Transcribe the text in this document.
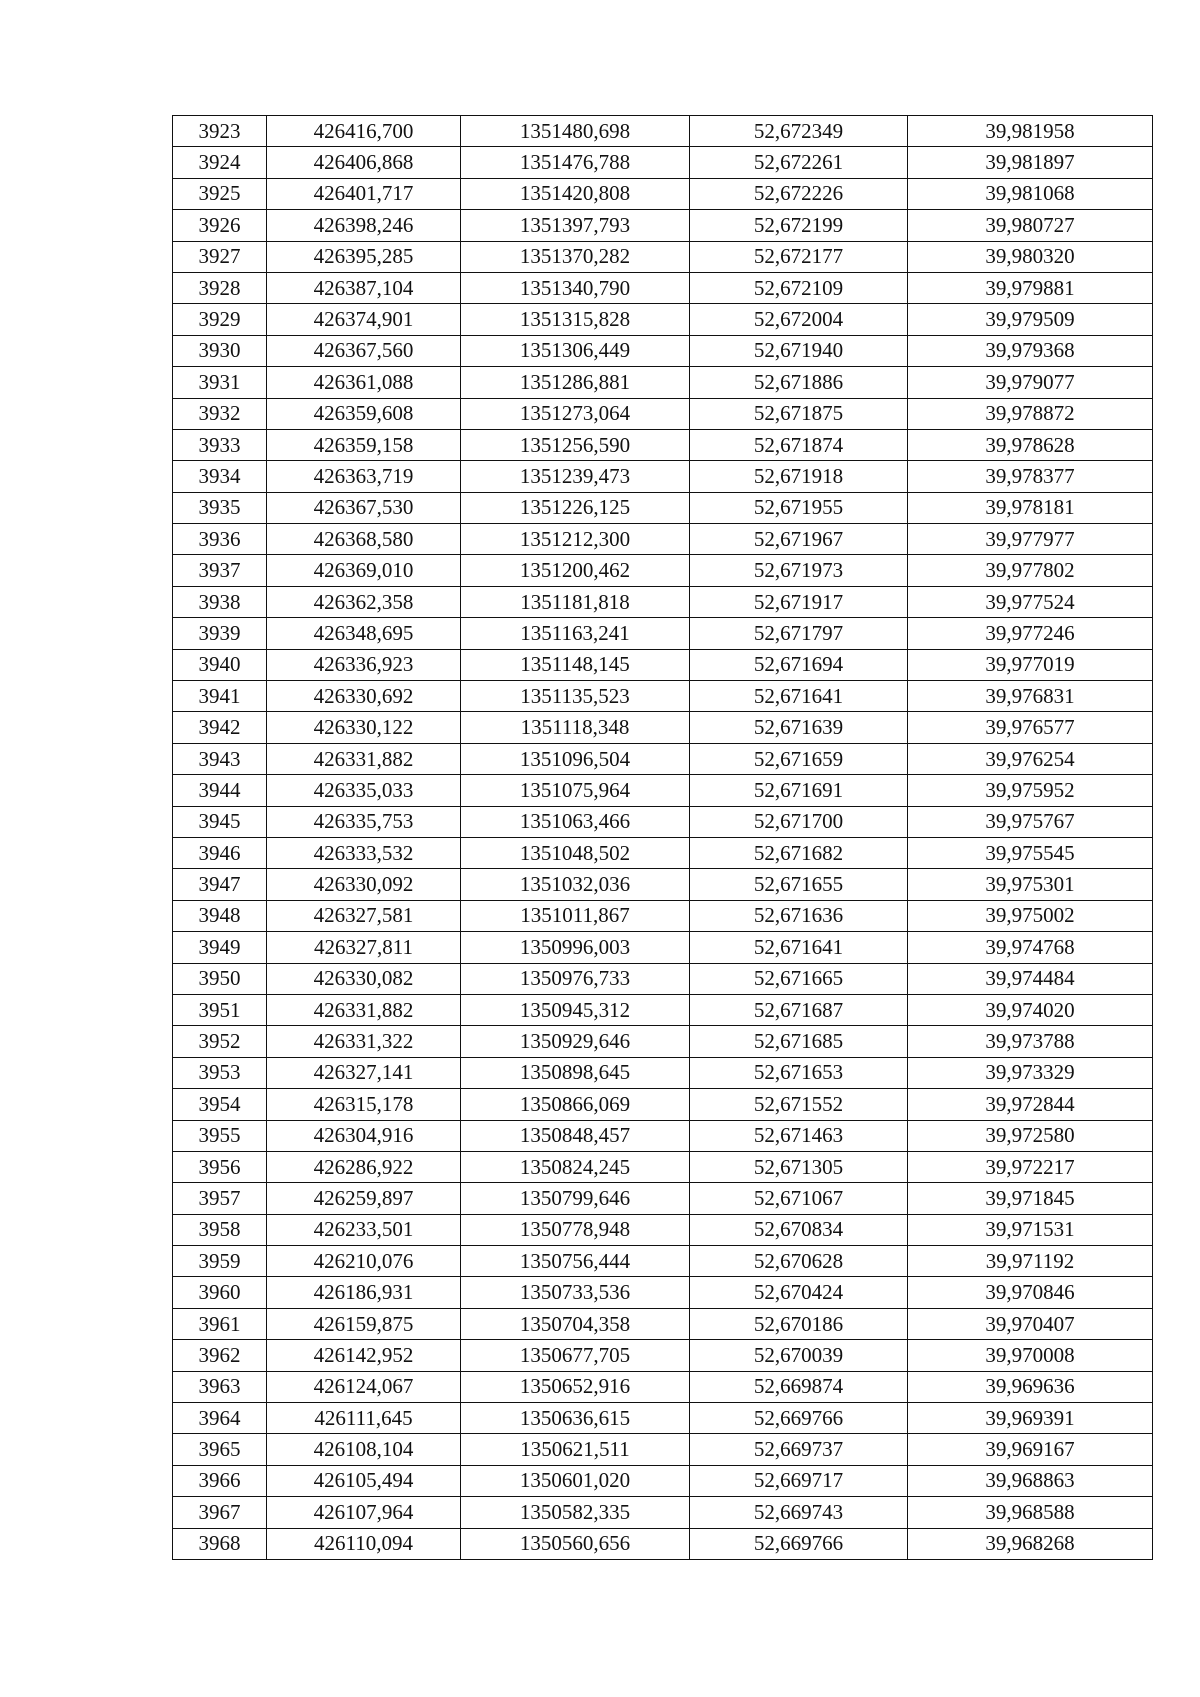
3923	426416,700	1351480,698	52,672349	39,981958
3924	426406,868	1351476,788	52,672261	39,981897
3925	426401,717	1351420,808	52,672226	39,981068
3926	426398,246	1351397,793	52,672199	39,980727
3927	426395,285	1351370,282	52,672177	39,980320
3928	426387,104	1351340,790	52,672109	39,979881
3929	426374,901	1351315,828	52,672004	39,979509
3930	426367,560	1351306,449	52,671940	39,979368
3931	426361,088	1351286,881	52,671886	39,979077
3932	426359,608	1351273,064	52,671875	39,978872
3933	426359,158	1351256,590	52,671874	39,978628
3934	426363,719	1351239,473	52,671918	39,978377
3935	426367,530	1351226,125	52,671955	39,978181
3936	426368,580	1351212,300	52,671967	39,977977
3937	426369,010	1351200,462	52,671973	39,977802
3938	426362,358	1351181,818	52,671917	39,977524
3939	426348,695	1351163,241	52,671797	39,977246
3940	426336,923	1351148,145	52,671694	39,977019
3941	426330,692	1351135,523	52,671641	39,976831
3942	426330,122	1351118,348	52,671639	39,976577
3943	426331,882	1351096,504	52,671659	39,976254
3944	426335,033	1351075,964	52,671691	39,975952
3945	426335,753	1351063,466	52,671700	39,975767
3946	426333,532	1351048,502	52,671682	39,975545
3947	426330,092	1351032,036	52,671655	39,975301
3948	426327,581	1351011,867	52,671636	39,975002
3949	426327,811	1350996,003	52,671641	39,974768
3950	426330,082	1350976,733	52,671665	39,974484
3951	426331,882	1350945,312	52,671687	39,974020
3952	426331,322	1350929,646	52,671685	39,973788
3953	426327,141	1350898,645	52,671653	39,973329
3954	426315,178	1350866,069	52,671552	39,972844
3955	426304,916	1350848,457	52,671463	39,972580
3956	426286,922	1350824,245	52,671305	39,972217
3957	426259,897	1350799,646	52,671067	39,971845
3958	426233,501	1350778,948	52,670834	39,971531
3959	426210,076	1350756,444	52,670628	39,971192
3960	426186,931	1350733,536	52,670424	39,970846
3961	426159,875	1350704,358	52,670186	39,970407
3962	426142,952	1350677,705	52,670039	39,970008
3963	426124,067	1350652,916	52,669874	39,969636
3964	426111,645	1350636,615	52,669766	39,969391
3965	426108,104	1350621,511	52,669737	39,969167
3966	426105,494	1350601,020	52,669717	39,968863
3967	426107,964	1350582,335	52,669743	39,968588
3968	426110,094	1350560,656	52,669766	39,968268
